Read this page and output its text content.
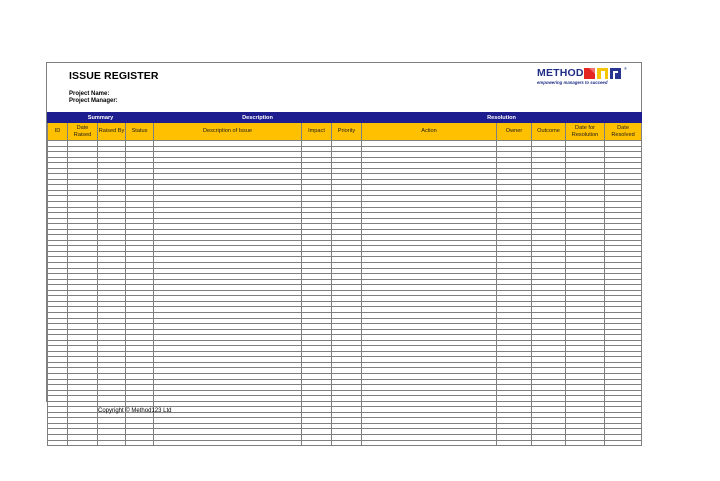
ISSUE REGISTER
Project Name:
Project Manager:
METHOD	®
empowering managers to succeed
Summary				Description			Resolution				
ID	Date Raised	Raised By	Status	Description of Issue	Impact	Priority	Action	Owner	Outcome	Date for Resolution	Date Resolved

Copyright © Method123 Ltd
